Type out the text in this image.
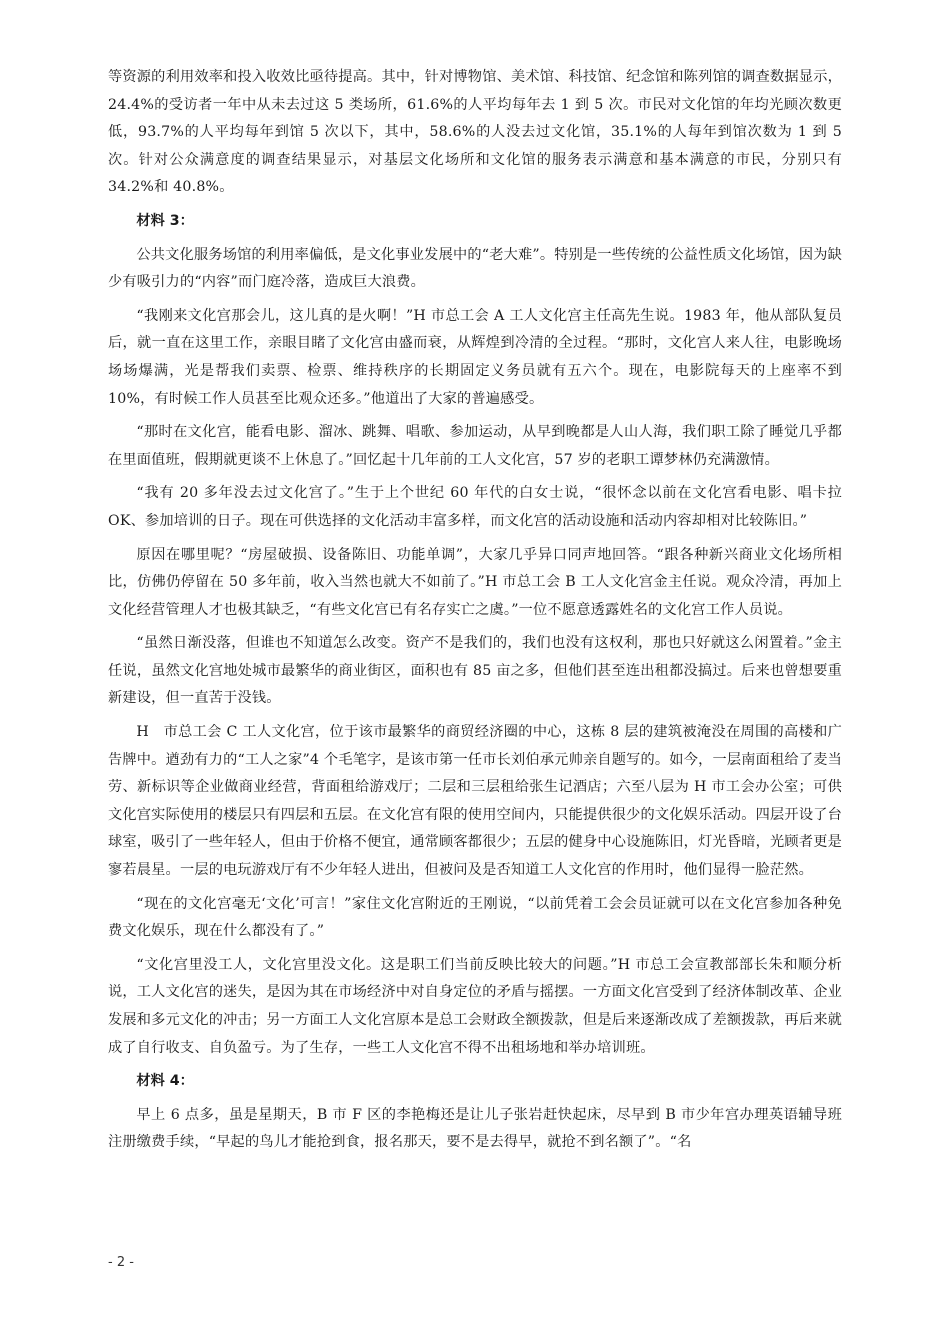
等资源的利用效率和投入收效比亟待提高。其中，针对博物馆、美术馆、科技馆、纪念馆和陈列馆的调查数据显示，24.4%的受访者一年中从未去过这 5 类场所，61.6%的人平均每年去 1 到 5 次。市民对文化馆的年均光顾次数更低，93.7%的人平均每年到馆 5 次以下，其中，58.6%的人没去过文化馆，35.1%的人每年到馆次数为 1 到 5 次。针对公众满意度的调查结果显示，对基层文化场所和文化馆的服务表示满意和基本满意的市民，分别只有 34.2%和 40.8%。

材料 3：

公共文化服务场馆的利用率偏低，是文化事业发展中的“老大难”。特别是一些传统的公益性质文化场馆，因为缺少有吸引力的“内容”而门庭冷落，造成巨大浪费。

“我刚来文化宫那会儿，这儿真的是火啊！”H 市总工会 A 工人文化宫主任高先生说。1983 年，他从部队复员后，就一直在这里工作，亲眼目睹了文化宫由盛而衰，从辉煌到冷清的全过程。“那时，文化宫人来人往，电影晚场场场爆满，光是帮我们卖票、检票、维持秩序的长期固定义务员就有五六个。现在，电影院每天的上座率不到 10%，有时候工作人员甚至比观众还多。”他道出了大家的普遍感受。

“那时在文化宫，能看电影、溜冰、跳舞、唱歌、参加运动，从早到晚都是人山人海，我们职工除了睡觉几乎都在里面值班，假期就更谈不上休息了。”回忆起十几年前的工人文化宫，57 岁的老职工谭梦林仍充满激情。

“我有 20 多年没去过文化宫了。”生于上个世纪 60 年代的白女士说，“很怀念以前在文化宫看电影、唱卡拉 OK、参加培训的日子。现在可供选择的文化活动丰富多样，而文化宫的活动设施和活动内容却相对比较陈旧。”

原因在哪里呢？“房屋破损、设备陈旧、功能单调”，大家几乎异口同声地回答。“跟各种新兴商业文化场所相比，仿佛仍停留在 50 多年前，收入当然也就大不如前了。”H 市总工会 B 工人文化宫金主任说。观众冷清，再加上文化经营管理人才也极其缺乏，“有些文化宫已有名存实亡之虞。”一位不愿意透露姓名的文化宫工作人员说。

“虽然日渐没落，但谁也不知道怎么改变。资产不是我们的，我们也没有这权利，那也只好就这么闲置着。”金主任说，虽然文化宫地处城市最繁华的商业街区，面积也有 85 亩之多，但他们甚至连出租都没搞过。后来也曾想要重新建设，但一直苦于没钱。

H　市总工会 C 工人文化宫，位于该市最繁华的商贸经济圈的中心，这栋 8 层的建筑被淹没在周围的高楼和广告牌中。遒劲有力的“工人之家”4 个毛笔字，是该市第一任市长刘伯承元帅亲自题写的。如今，一层南面租给了麦当劳、新标识等企业做商业经营，背面租给游戏厅；二层和三层租给张生记酒店；六至八层为 H 市工会办公室；可供文化宫实际使用的楼层只有四层和五层。在文化宫有限的使用空间内，只能提供很少的文化娱乐活动。四层开设了台球室，吸引了一些年轻人，但由于价格不便宜，通常顾客都很少；五层的健身中心设施陈旧，灯光昏暗，光顾者更是寥若晨星。一层的电玩游戏厅有不少年轻人进出，但被问及是否知道工人文化宫的作用时，他们显得一脸茫然。

“现在的文化宫毫无‘文化’可言！”家住文化宫附近的王刚说，“以前凭着工会会员证就可以在文化宫参加各种免费文化娱乐，现在什么都没有了。”

“文化宫里没工人，文化宫里没文化。这是职工们当前反映比较大的问题。”H 市总工会宣教部部长朱和顺分析说，工人文化宫的迷失，是因为其在市场经济中对自身定位的矛盾与摇摆。一方面文化宫受到了经济体制改革、企业发展和多元文化的冲击；另一方面工人文化宫原本是总工会财政全额拨款，但是后来逐渐改成了差额拨款，再后来就成了自行收支、自负盈亏。为了生存，一些工人文化宫不得不出租场地和举办培训班。

材料 4：

早上 6 点多，虽是星期天，B 市 F 区的李艳梅还是让儿子张岩赶快起床，尽早到 B 市少年宫办理英语辅导班注册缴费手续，“早起的鸟儿才能抢到食，报名那天，要不是去得早，就抢不到名额了”。“名

- 2 -
